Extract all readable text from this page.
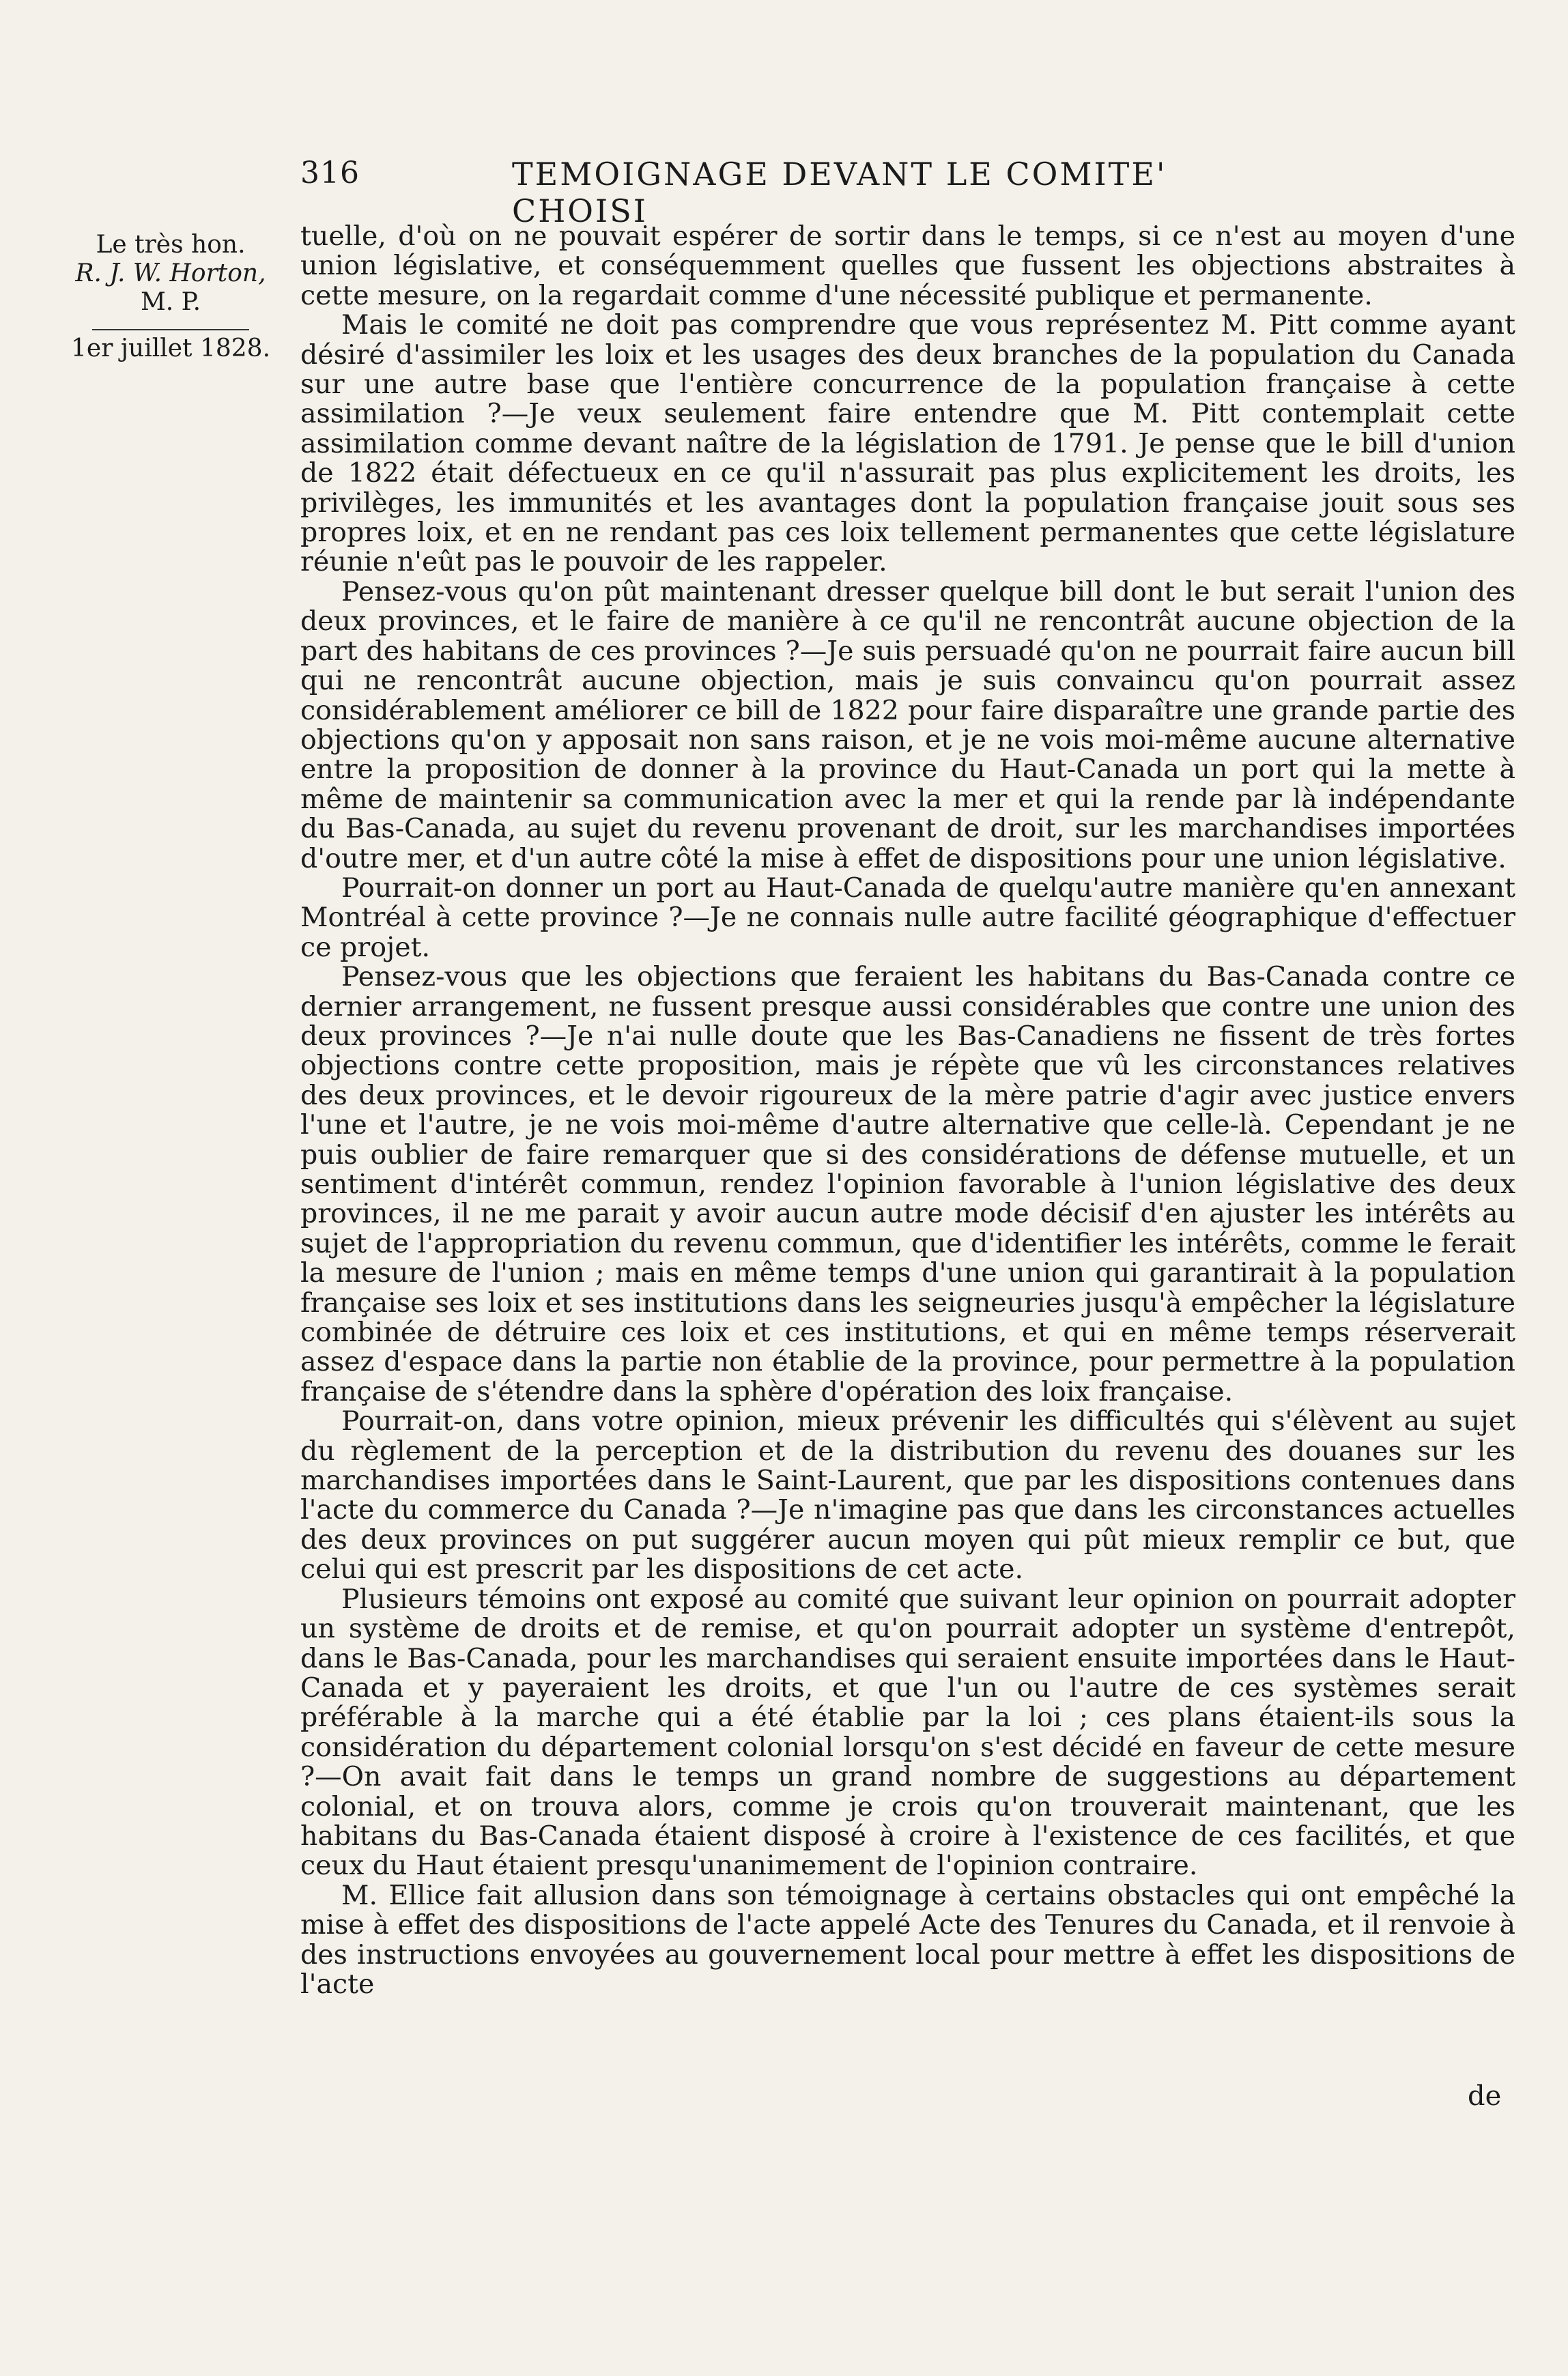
316	TEMOIGNAGE DEVANT LE COMITE' CHOISI
Le très hon.
R. J. W. Horton,
M. P.
1er juillet 1828.

tuelle, d'où on ne pouvait espérer de sortir dans le temps, si ce n'est au moyen d'une union législative, et conséquemment quelles que fussent les objections abstraites à cette mesure, on la regardait comme d'une nécessité publique et permanente.

Mais le comité ne doit pas comprendre que vous représentez M. Pitt comme ayant désiré d'assimiler les loix et les usages des deux branches de la population du Canada sur une autre base que l'entière concurrence de la population française à cette assimilation ?—Je veux seulement faire entendre que M. Pitt contemplait cette assimilation comme devant naître de la législation de 1791. Je pense que le bill d'union de 1822 était défectueux en ce qu'il n'assurait pas plus explicitement les droits, les privilèges, les immunités et les avantages dont la population française jouit sous ses propres loix, et en ne rendant pas ces loix tellement permanentes que cette législature réunie n'eût pas le pouvoir de les rappeler.

Pensez-vous qu'on pût maintenant dresser quelque bill dont le but serait l'union des deux provinces, et le faire de manière à ce qu'il ne rencontrât aucune objection de la part des habitans de ces provinces ?—Je suis persuadé qu'on ne pourrait faire aucun bill qui ne rencontrât aucune objection, mais je suis convaincu qu'on pourrait assez considérablement améliorer ce bill de 1822 pour faire disparaître une grande partie des objections qu'on y apposait non sans raison, et je ne vois moi-même aucune alternative entre la proposition de donner à la province du Haut-Canada un port qui la mette à même de maintenir sa communication avec la mer et qui la rende par là indépendante du Bas-Canada, au sujet du revenu provenant de droit, sur les marchandises importées d'outre mer, et d'un autre côté la mise à effet de dispositions pour une union législative.

Pourrait-on donner un port au Haut-Canada de quelqu'autre manière qu'en annexant Montréal à cette province ?—Je ne connais nulle autre facilité géographique d'effectuer ce projet.

Pensez-vous que les objections que feraient les habitans du Bas-Canada contre ce dernier arrangement, ne fussent presque aussi considérables que contre une union des deux provinces ?—Je n'ai nulle doute que les Bas-Canadiens ne fissent de très fortes objections contre cette proposition, mais je répète que vû les circonstances relatives des deux provinces, et le devoir rigoureux de la mère patrie d'agir avec justice envers l'une et l'autre, je ne vois moi-même d'autre alternative que celle-là. Cependant je ne puis oublier de faire remarquer que si des considérations de défense mutuelle, et un sentiment d'intérêt commun, rendez l'opinion favorable à l'union législative des deux provinces, il ne me parait y avoir aucun autre mode décisif d'en ajuster les intérêts au sujet de l'appropriation du revenu commun, que d'identifier les intérêts, comme le ferait la mesure de l'union ; mais en même temps d'une union qui garantirait à la population française ses loix et ses institutions dans les seigneuries jusqu'à empêcher la législature combinée de détruire ces loix et ces institutions, et qui en même temps réserverait assez d'espace dans la partie non établie de la province, pour permettre à la population française de s'étendre dans la sphère d'opération des loix française.

Pourrait-on, dans votre opinion, mieux prévenir les difficultés qui s'élèvent au sujet du règlement de la perception et de la distribution du revenu des douanes sur les marchandises importées dans le Saint-Laurent, que par les dispositions contenues dans l'acte du commerce du Canada ?—Je n'imagine pas que dans les circonstances actuelles des deux provinces on put suggérer aucun moyen qui pût mieux remplir ce but, que celui qui est prescrit par les dispositions de cet acte.

Plusieurs témoins ont exposé au comité que suivant leur opinion on pourrait adopter un système de droits et de remise, et qu'on pourrait adopter un système d'entrepôt, dans le Bas-Canada, pour les marchandises qui seraient ensuite importées dans le Haut-Canada et y payeraient les droits, et que l'un ou l'autre de ces systèmes serait préférable à la marche qui a été établie par la loi ; ces plans étaient-ils sous la considération du département colonial lorsqu'on s'est décidé en faveur de cette mesure ?—On avait fait dans le temps un grand nombre de suggestions au département colonial, et on trouva alors, comme je crois qu'on trouverait maintenant, que les habitans du Bas-Canada étaient disposé à croire à l'existence de ces facilités, et que ceux du Haut étaient presqu'unanimement de l'opinion contraire.

M. Ellice fait allusion dans son témoignage à certains obstacles qui ont empêché la mise à effet des dispositions de l'acte appelé Acte des Tenures du Canada, et il renvoie à des instructions envoyées au gouvernement local pour mettre à effet les dispositions de l'acte

de
